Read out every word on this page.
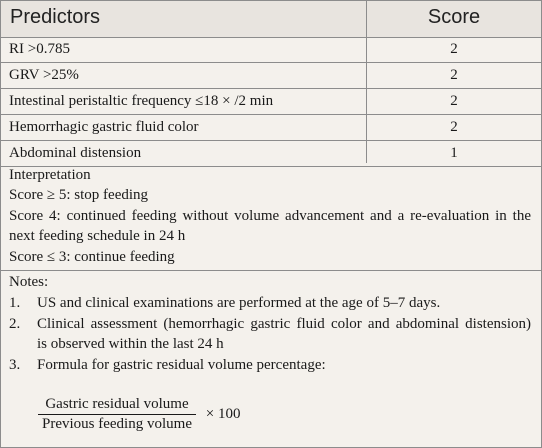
Predictors	Score
RI >0.785	2
GRV >25%	2
Intestinal peristaltic frequency ≤18 × /2 min	2
Hemorrhagic gastric fluid color	2
Abdominal distension	1
Interpretation
Score ≥ 5: stop feeding
Score 4: continued feeding without volume advancement and a re-evaluation in the
next feeding schedule in 24 h
Score ≤ 3: continue feeding
Notes:
1. US and clinical examinations are performed at the age of 5–7 days.
2. Clinical assessment (hemorrhagic gastric fluid color and abdominal distension)
is observed within the last 24 h
3. Formula for gastric residual volume percentage:
$\frac{\text{Gastric residual volume}}{\text{Previous feeding volume}} \times 100$
